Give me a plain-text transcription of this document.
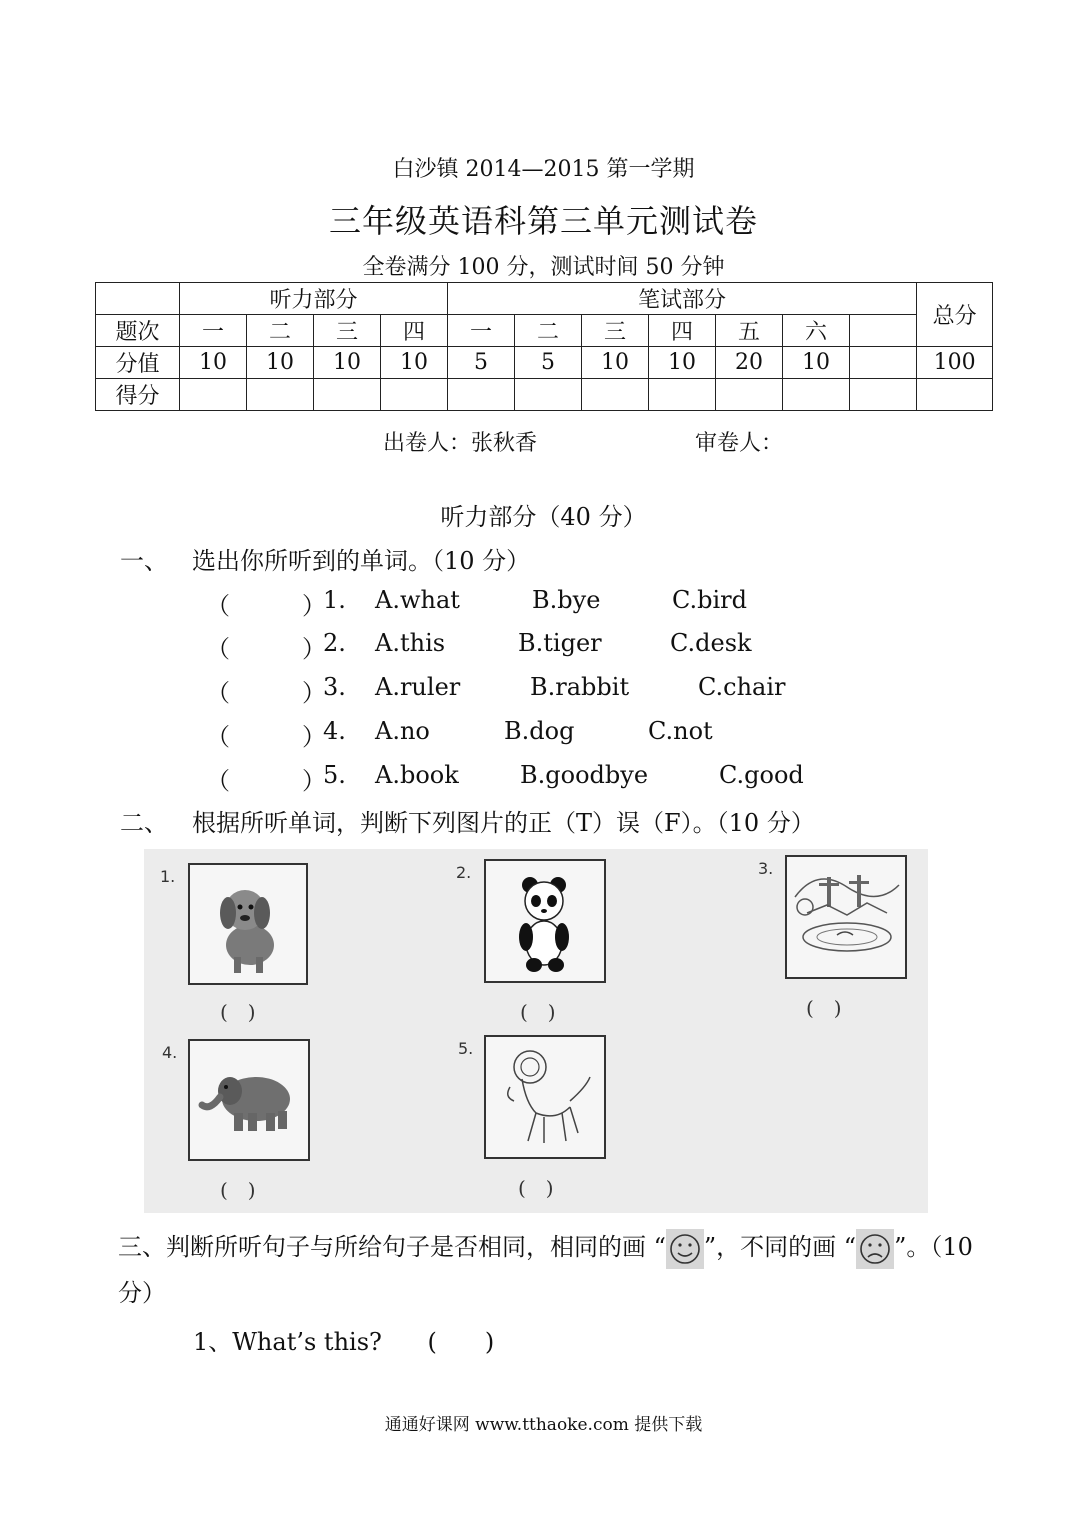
白沙镇 2014—2015 第一学期
三年级英语科第三单元测试卷
全卷满分 100 分，测试时间 50 分钟
	听力部分				笔试部分							总分
题次	一	二	三	四	一	二	三	四	五	六		
分值	10	10	10	10	5	5	10	10	20	10		100
得分												
出卷人：张秋香	审卷人：
听力部分（40 分）
一、 选出你所听到的单词。（10 分）
（　　　）
1. A.what	B.bye	C.bird
（　　　）
2. A.this	B.tiger	C.desk
（　　　）
3. A.ruler	B.rabbit	C.chair
（　　　）
4. A.no	B.dog	C.not
（　　　）
5. A.book	B.goodbye	C.good
二、 根据所听单词，判断下列图片的正（T）误（F）。（10 分）
1.
(　)
2.
(　)
3.
(　)
4.
(　)
5.
(　)
三、判断所听句子与所给句子是否相同，相同的画 “ ”，不同的画 “ ”。（10 分）
1、What’s this? (　　)
通通好课网 www.tthaoke.com 提供下载
